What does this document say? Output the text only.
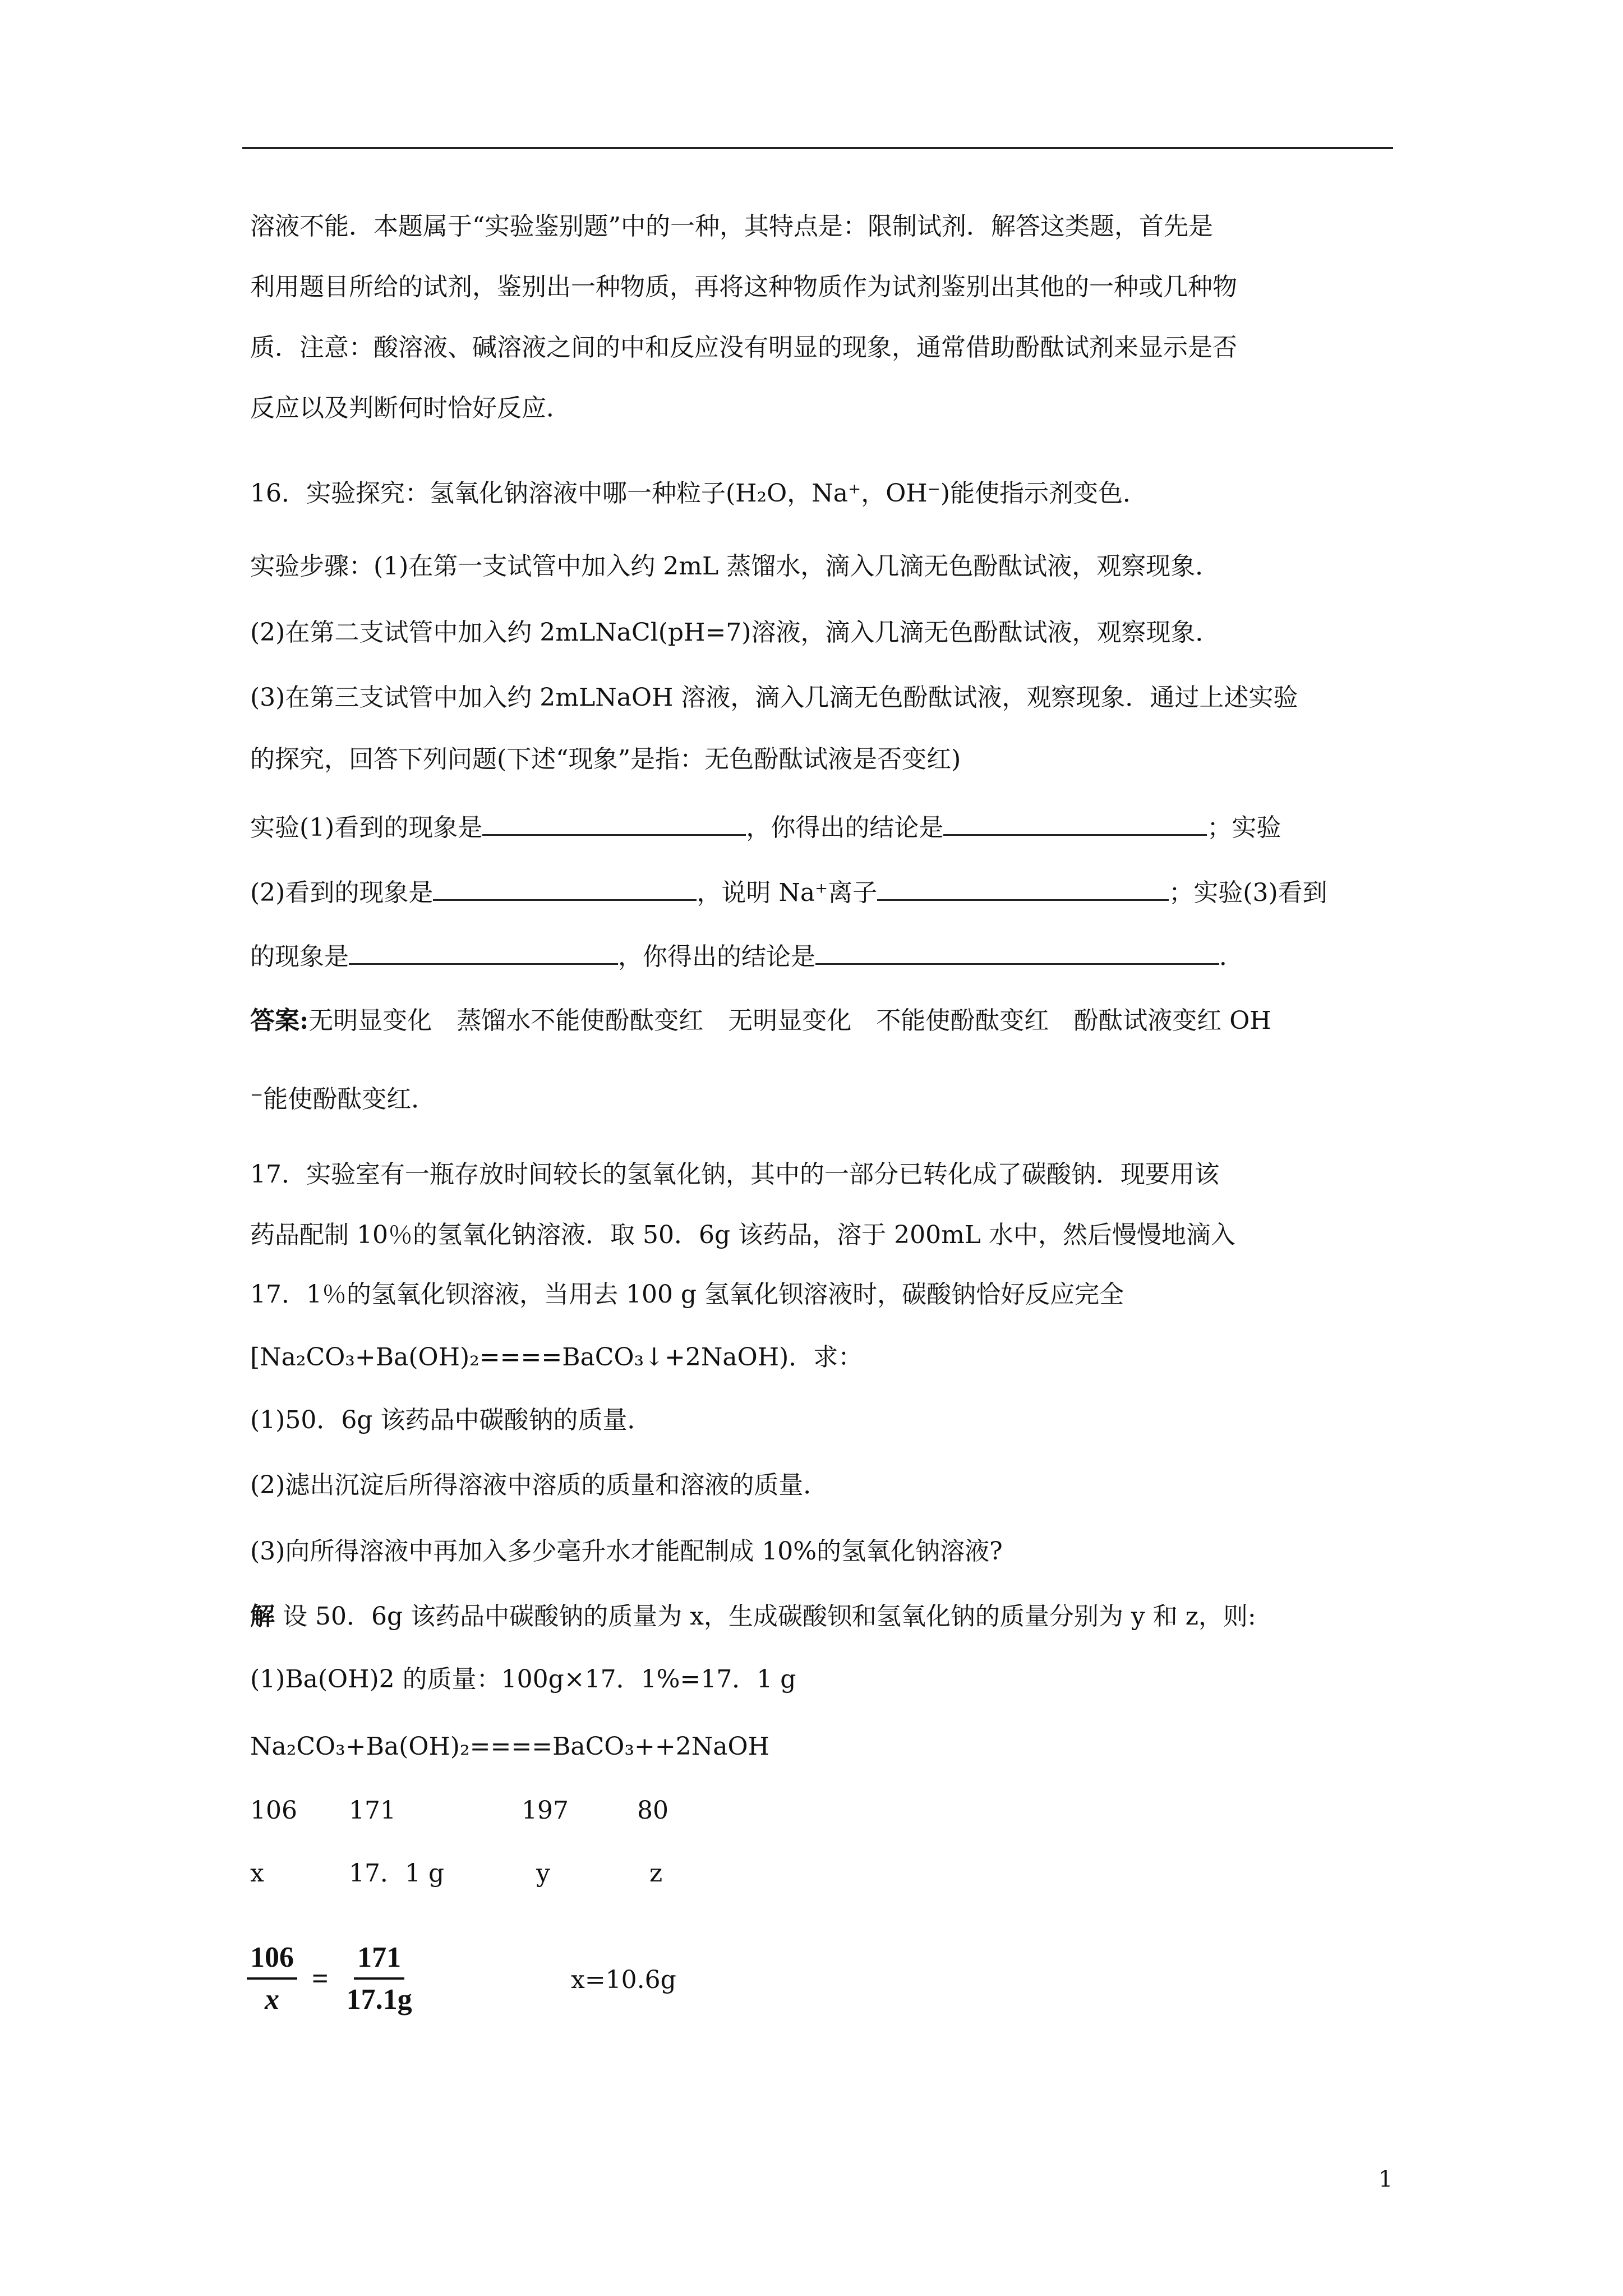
溶液不能．本题属于“实验鉴别题”中的一种，其特点是：限制试剂．解答这类题，首先是
利用题目所给的试剂，鉴别出一种物质，再将这种物质作为试剂鉴别出其他的一种或几种物
质．注意：酸溶液、碱溶液之间的中和反应没有明显的现象，通常借助酚酞试剂来显示是否
反应以及判断何时恰好反应．
16．实验探究：氢氧化钠溶液中哪一种粒子(H₂O，Na⁺，OH⁻)能使指示剂变色．
实验步骤：(1)在第一支试管中加入约 2mL 蒸馏水，滴入几滴无色酚酞试液，观察现象．
(2)在第二支试管中加入约 2mLNaCl(pH=7)溶液，滴入几滴无色酚酞试液，观察现象．
(3)在第三支试管中加入约 2mLNaOH 溶液，滴入几滴无色酚酞试液，观察现象．通过上述实验
的探究，回答下列问题(下述“现象”是指：无色酚酞试液是否变红)
实验(1)看到的现象是	，你得出的结论是	；实验
(2)看到的现象是	，说明 Na⁺离子	；实验(3)看到
的现象是	，你得出的结论是	．
答案:无明显变化　蒸馏水不能使酚酞变红　无明显变化　不能使酚酞变红　酚酞试液变红 OH
⁻能使酚酞变红．
17．实验室有一瓶存放时间较长的氢氧化钠，其中的一部分已转化成了碳酸钠．现要用该
药品配制 10％的氢氧化钠溶液．取 50．6g 该药品，溶于 200mL 水中，然后慢慢地滴入
17．1％的氢氧化钡溶液，当用去 100 g 氢氧化钡溶液时，碳酸钠恰好反应完全
[Na₂CO₃+Ba(OH)₂====BaCO₃↓+2NaOH)．求：
(1)50．6g 该药品中碳酸钠的质量．
(2)滤出沉淀后所得溶液中溶质的质量和溶液的质量．
(3)向所得溶液中再加入多少毫升水才能配制成 10%的氢氧化钠溶液?
解 设 50．6g 该药品中碳酸钠的质量为 x，生成碳酸钡和氢氧化钠的质量分别为 y 和 z，则:
(1)Ba(OH)2 的质量：100g×17．1%=17．1 g
Na₂CO₃+Ba(OH)₂====BaCO₃++2NaOH
106 171	197	80
x	17．1 g	y	z
$\frac{106}{x} = \frac{171}{17.1g}$	x=10.6g
1
